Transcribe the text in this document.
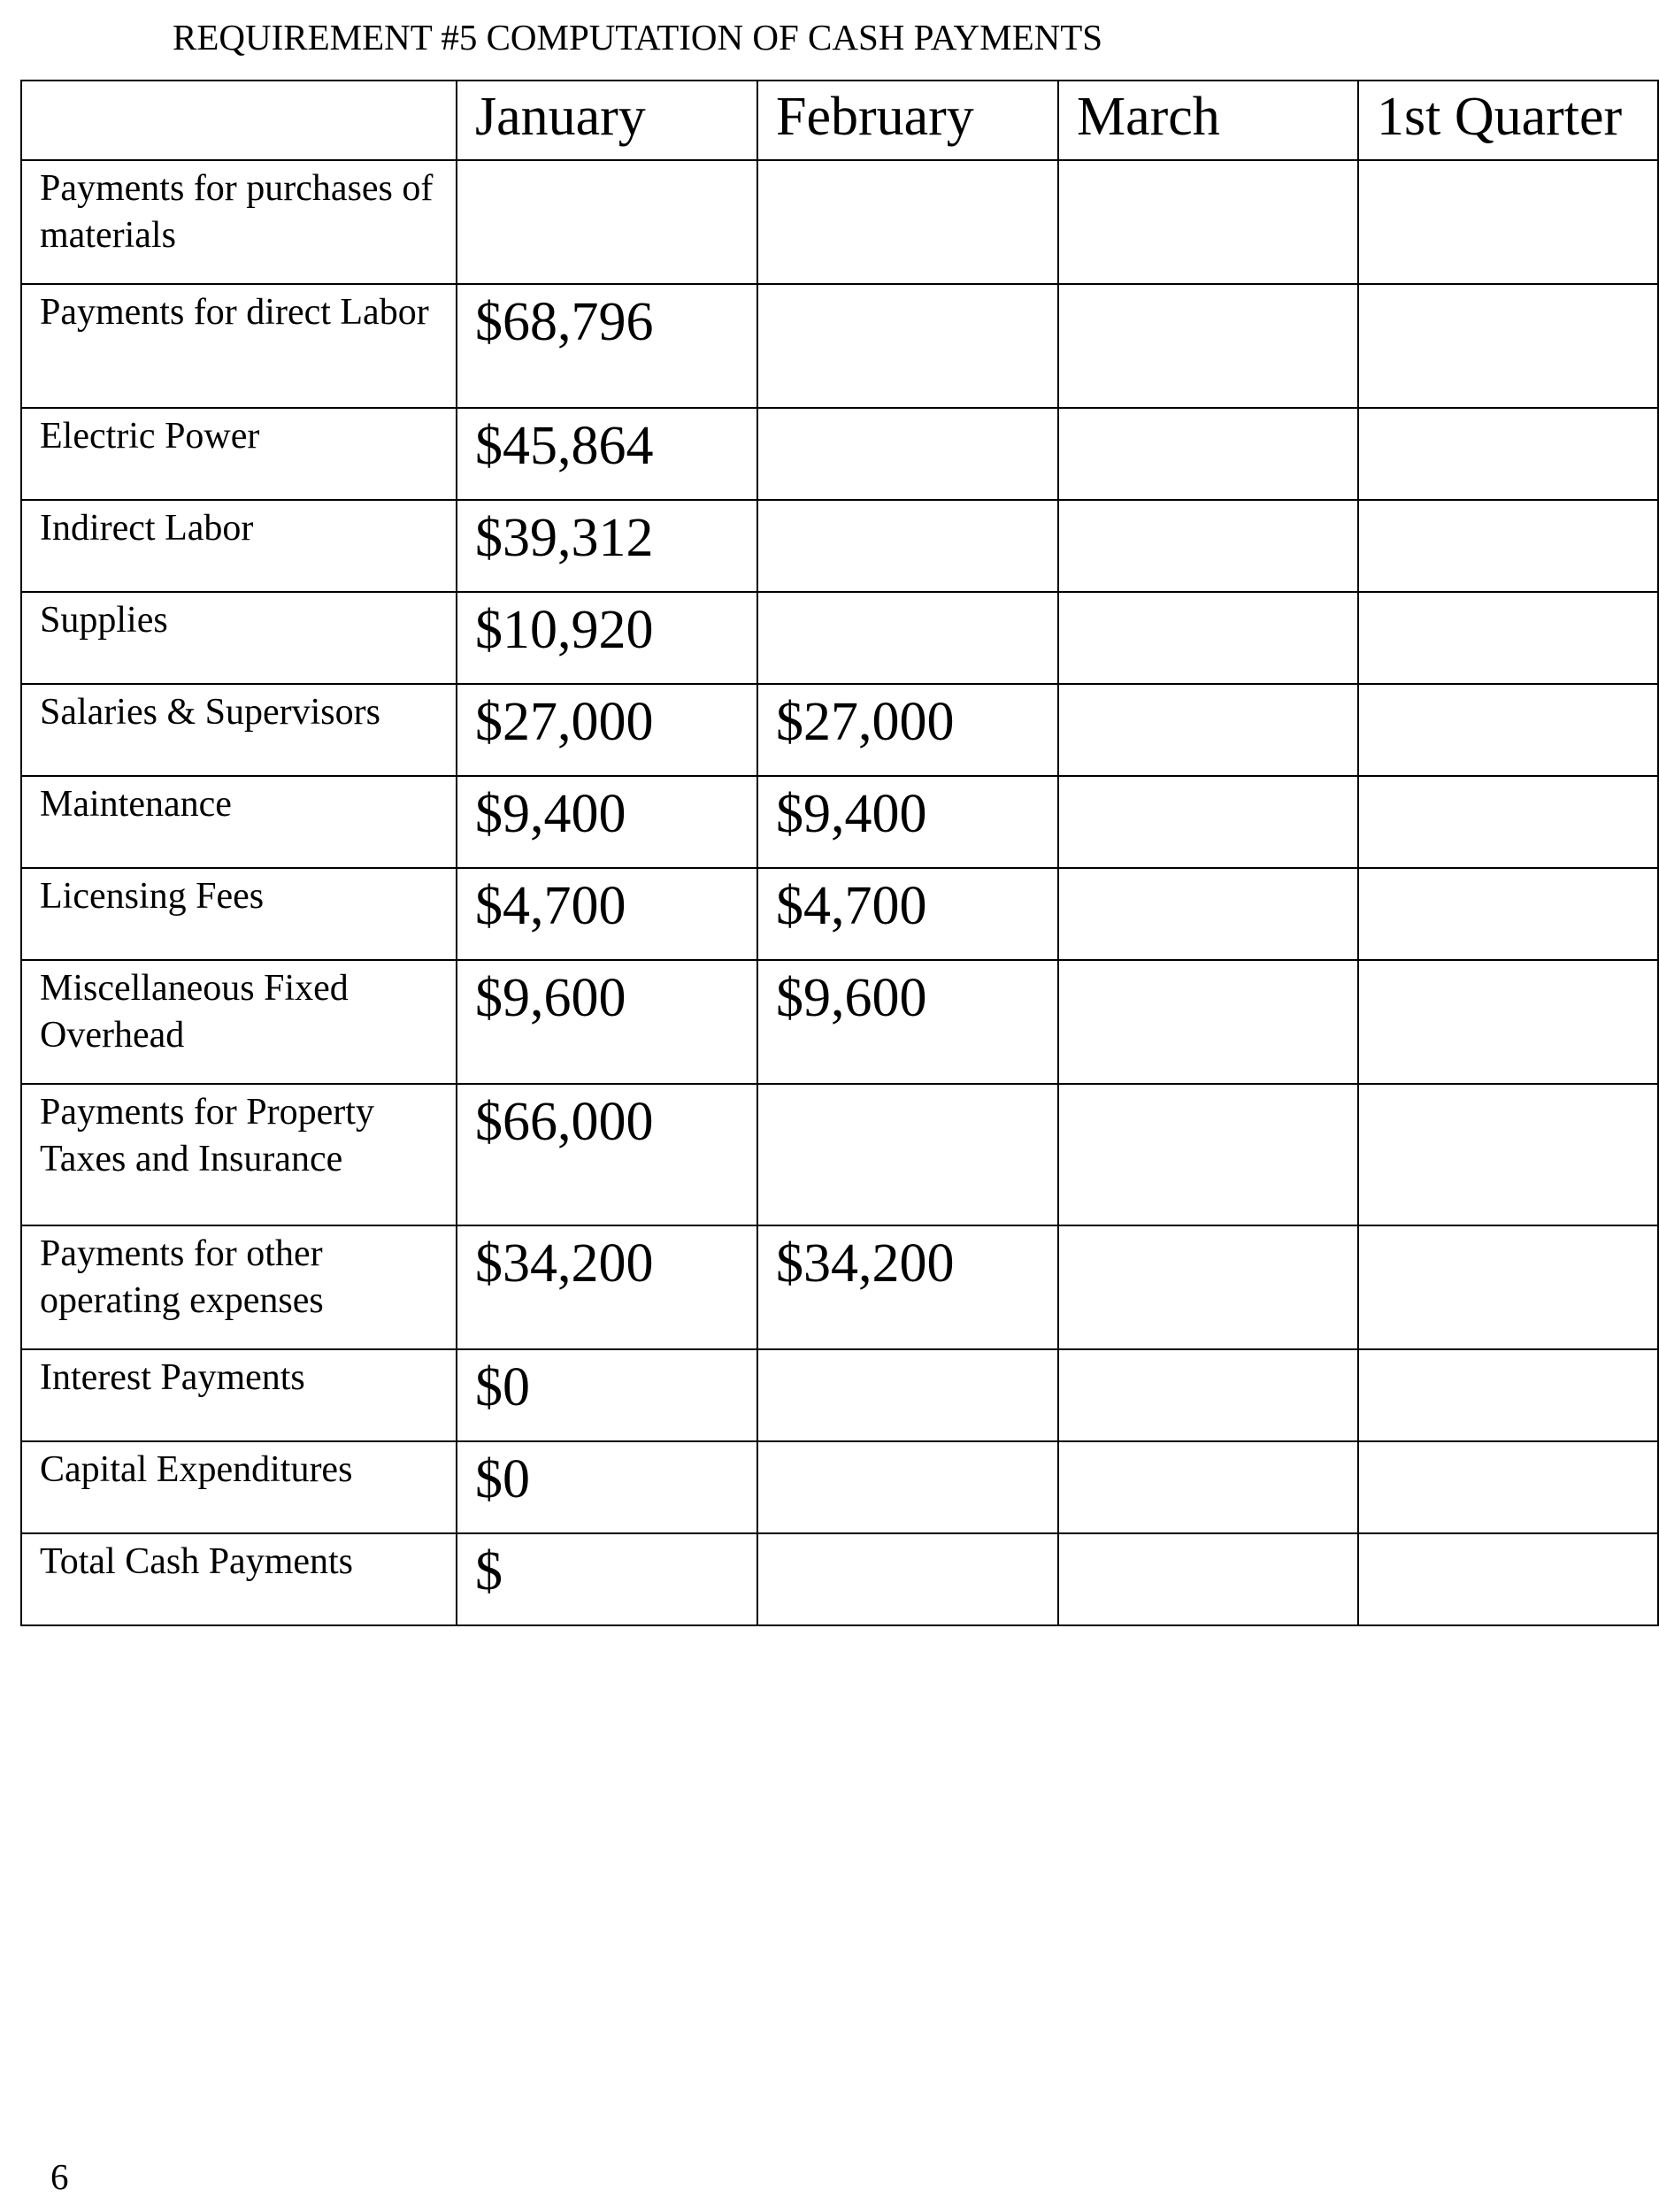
REQUIREMENT #5 COMPUTATION OF CASH PAYMENTS
	January	February	March	1st Quarter
Payments for purchases of materials				
Payments for direct Labor	$68,796			
Electric Power	$45,864			
Indirect Labor	$39,312			
Supplies	$10,920			
Salaries & Supervisors	$27,000	$27,000		
Maintenance	$9,400	$9,400		
Licensing Fees	$4,700	$4,700		
Miscellaneous Fixed Overhead	$9,600	$9,600		
Payments for Property Taxes and Insurance	$66,000			
Payments for other operating expenses	$34,200	$34,200		
Interest Payments	$0			
Capital Expenditures	$0			
Total Cash Payments	$			
6
